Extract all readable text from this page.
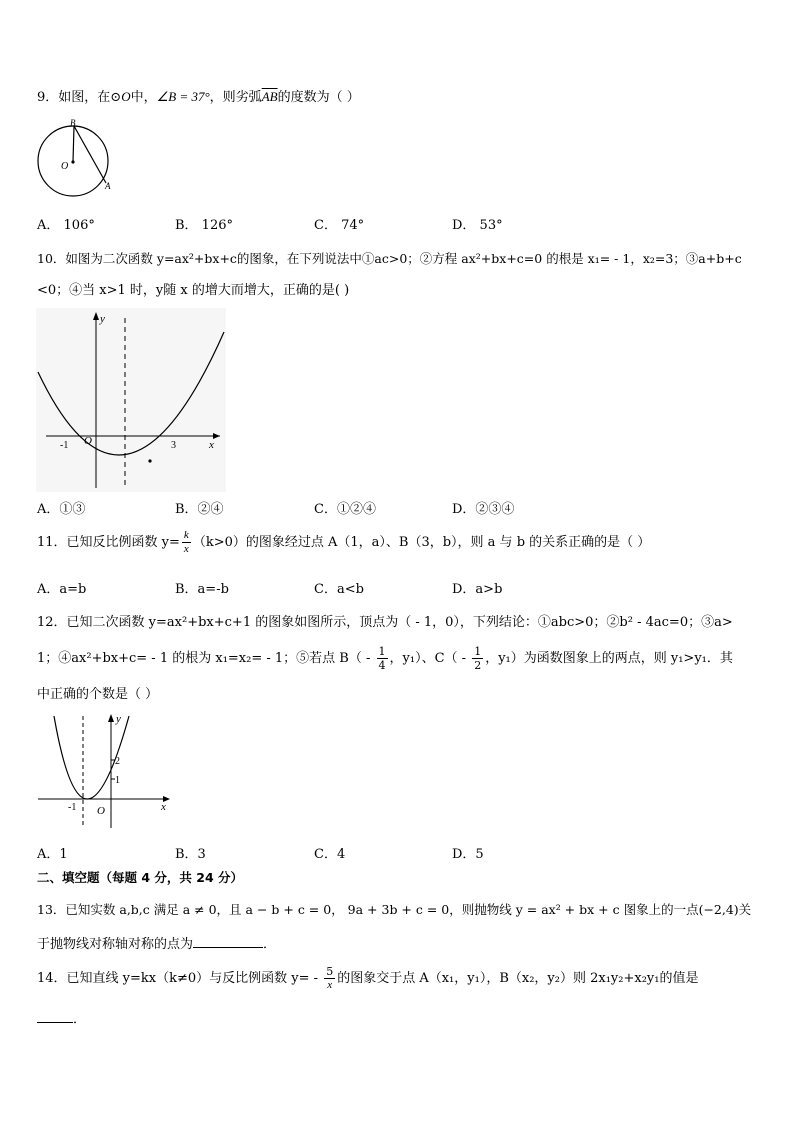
9．如图，在⊙O中，∠B = 37°，则劣弧$\overline{AB}$的度数为（ ）
B
O
A
A． 106°	B． 126°	C． 74°	D． 53°
10．如图为二次函数 y=ax²+bx+c的图象，在下列说法中①ac>0；②方程 ax²+bx+c=0 的根是 x₁= - 1，x₂=3；③a+b+c
<0；④当 x>1 时，y随 x 的增大而增大，正确的是( )
y
-1 O	3	x
A．①③	B．②④	C．①②④	D．②③④
11．已知反比例函数 $y= \frac{k}{x} (k>0)$的图象经过点 A（1，a）、B（3，b），则 a 与 b 的关系正确的是（ ）
A．a=b	B．a=-b	C．a<b	D．a>b
12．已知二次函数 y=ax²+bx+c+1 的图象如图所示，顶点为（ - 1，0），下列结论：①abc>0；②b² - 4ac=0；③a>
1；④ax²+bx+c= - 1 的根为 x₁=x₂= - 1；⑤若点 $B( - \frac{1}{4}$ ，y₁）、$C( - \frac{1}{2}$ ，y₁）为函数图象上的两点，则 y₁>y₁．其
中正确的个数是（ ）
y
2
1
-1 O	x
A．1	B．3	C．4	D．5
二、填空题（每题 4 分，共 24 分）
13．已知实数 a,b,c 满足 a ≠ 0，且 a − b + c = 0， 9a + 3b + c = 0，则抛物线 y = ax² + bx + c 图象上的一点(−2,4)关
于抛物线对称轴对称的点为	．
14．已知直线 y=kx（k≠0）与反比例函数 $y= - \frac{5}{x}$ 的图象交于点 A（x₁，y₁），B（x₂，y₂）则 2x₁y₂+x₂y₁的值是
．
